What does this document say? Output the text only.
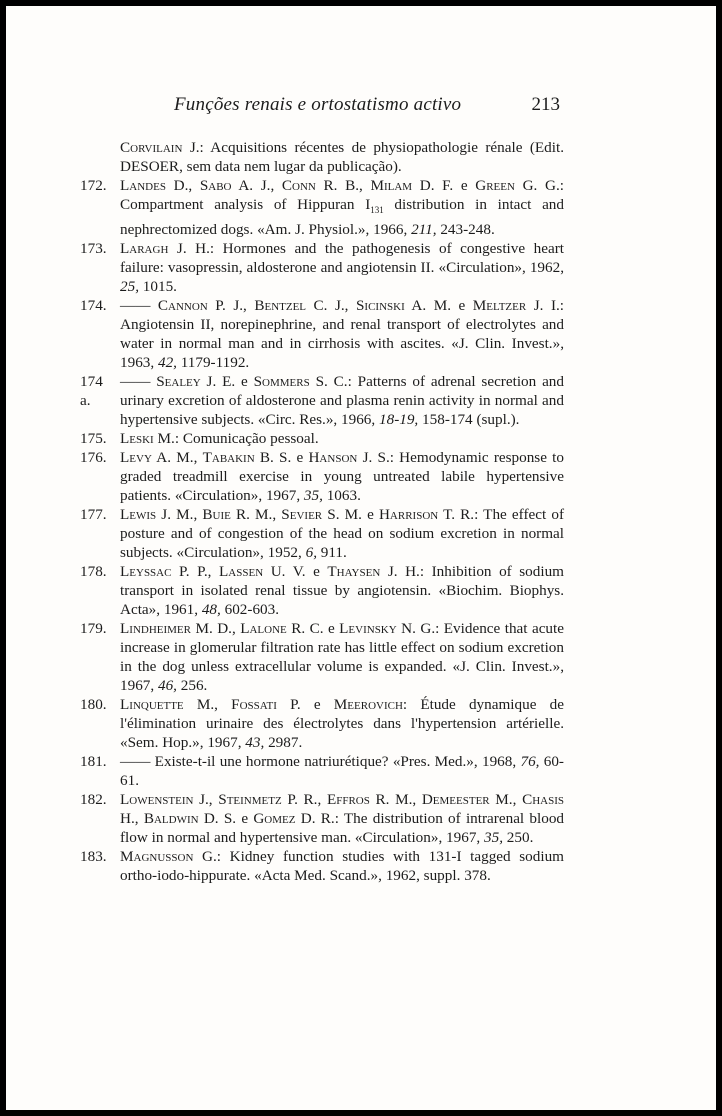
Funções renais e ortostatismo activo	213

Corvilain J.: Acquisitions récentes de physiopathologie rénale (Edit. DESOER, sem data nem lugar da publicação).

172. Landes D., Sabo A. J., Conn R. B., Milam D. F. e Green G. G.: Compartment analysis of Hippuran $I_{131}$ distribution in intact and nephrectomized dogs. «Am. J. Physiol.», 1966, 211, 243-248.

173. Laragh J. H.: Hormones and the pathogenesis of congestive heart failure: vasopressin, aldosterone and angiotensin II. «Circulation», 1962, 25, 1015.

174. —— Cannon P. J., Bentzel C. J., Sicinski A. M. e Meltzer J. I.: Angiotensin II, norepinephrine, and renal transport of electrolytes and water in normal man and in cirrhosis with ascites. «J. Clin. Invest.», 1963, 42, 1179-1192.

174 a.
—— Sealey J. E. e Sommers S. C.: Patterns of adrenal secretion and urinary excretion of aldosterone and plasma renin activity in normal and hypertensive subjects. «Circ. Res.», 1966, 18-19, 158-174 (supl.).

175. Leski M.: Comunicação pessoal.

176. Levy A. M., Tabakin B. S. e Hanson J. S.: Hemodynamic response to graded treadmill exercise in young untreated labile hypertensive patients. «Circulation», 1967, 35, 1063.

177. Lewis J. M., Buie R. M., Sevier S. M. e Harrison T. R.: The effect of posture and of congestion of the head on sodium excretion in normal subjects. «Circulation», 1952, 6, 911.

178. Leyssac P. P., Lassen U. V. e Thaysen J. H.: Inhibition of sodium transport in isolated renal tissue by angiotensin. «Biochim. Biophys. Acta», 1961, 48, 602-603.

179. Lindheimer M. D., Lalone R. C. e Levinsky N. G.: Evidence that acute increase in glomerular filtration rate has little effect on sodium excretion in the dog unless extracellular volume is expanded. «J. Clin. Invest.», 1967, 46, 256.

180. Linquette M., Fossati P. e Meerovich: Étude dynamique de l'élimination urinaire des électrolytes dans l'hypertension artérielle. «Sem. Hop.», 1967, 43, 2987.

181. —— Existe-t-il une hormone natriurétique? «Pres. Med.», 1968, 76, 60-61.

182. Lowenstein J., Steinmetz P. R., Effros R. M., Demeester M., Chasis H., Baldwin D. S. e Gomez D. R.: The distribution of intrarenal blood flow in normal and hypertensive man. «Circulation», 1967, 35, 250.

183. Magnusson G.: Kidney function studies with 131-I tagged sodium ortho-iodo-hippurate. «Acta Med. Scand.», 1962, suppl. 378.
